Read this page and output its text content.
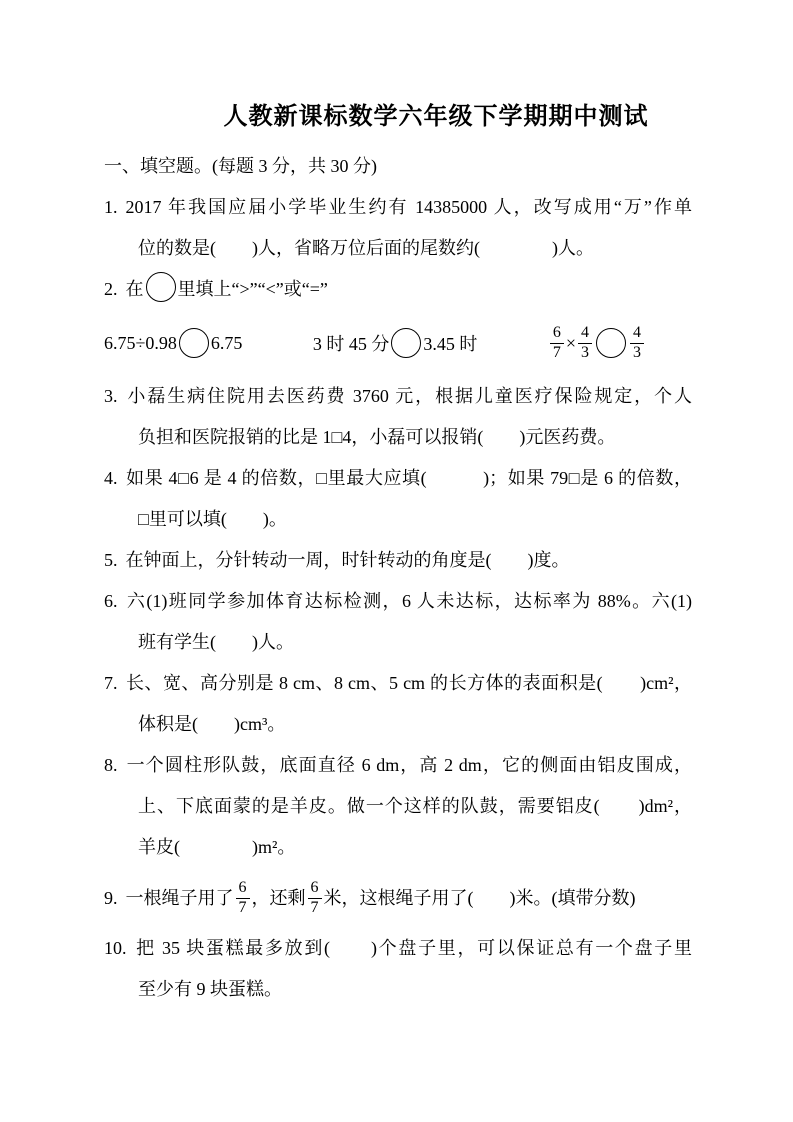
人教新课标数学六年级下学期期中测试
一、填空题。(每题 3 分，共 30 分)
1. 2017 年我国应届小学毕业生约有 14385000 人，改写成用“万”作单
位的数是(　　)人，省略万位后面的尾数约(　　　　)人。
2. 在 里填上“>”“<”或“=”
6.75÷0.98 6.75	3 时 45 分 3.45 时	$\frac{6}{7} \times \frac{4}{3} \frac{4}{3}$
3. 小磊生病住院用去医药费 3760 元，根据儿童医疗保险规定，个人
负担和医院报销的比是 1□4，小磊可以报销(　　)元医药费。
4. 如果 4□6 是 4 的倍数，□里最大应填(　　　)；如果 79□是 6 的倍数，
□里可以填(　　)。
5. 在钟面上，分针转动一周，时针转动的角度是(　　)度。
6. 六(1)班同学参加体育达标检测，6 人未达标，达标率为 88%。六(1)
班有学生(　　)人。
7. 长、宽、高分别是 8 cm、8 cm、5 cm 的长方体的表面积是(　　)cm²，
体积是(　　)cm³。
8. 一个圆柱形队鼓，底面直径 6 dm，高 2 dm，它的侧面由铝皮围成，
上、下底面蒙的是羊皮。做一个这样的队鼓，需要铝皮(　　)dm²，
羊皮(　　　　)m²。
9. 一根绳子用了 $\frac{6}{7}$ ，还剩 $\frac{6}{7}$ 米，这根绳子用了(　　)米。(填带分数)
10. 把 35 块蛋糕最多放到(　　)个盘子里，可以保证总有一个盘子里
至少有 9 块蛋糕。
